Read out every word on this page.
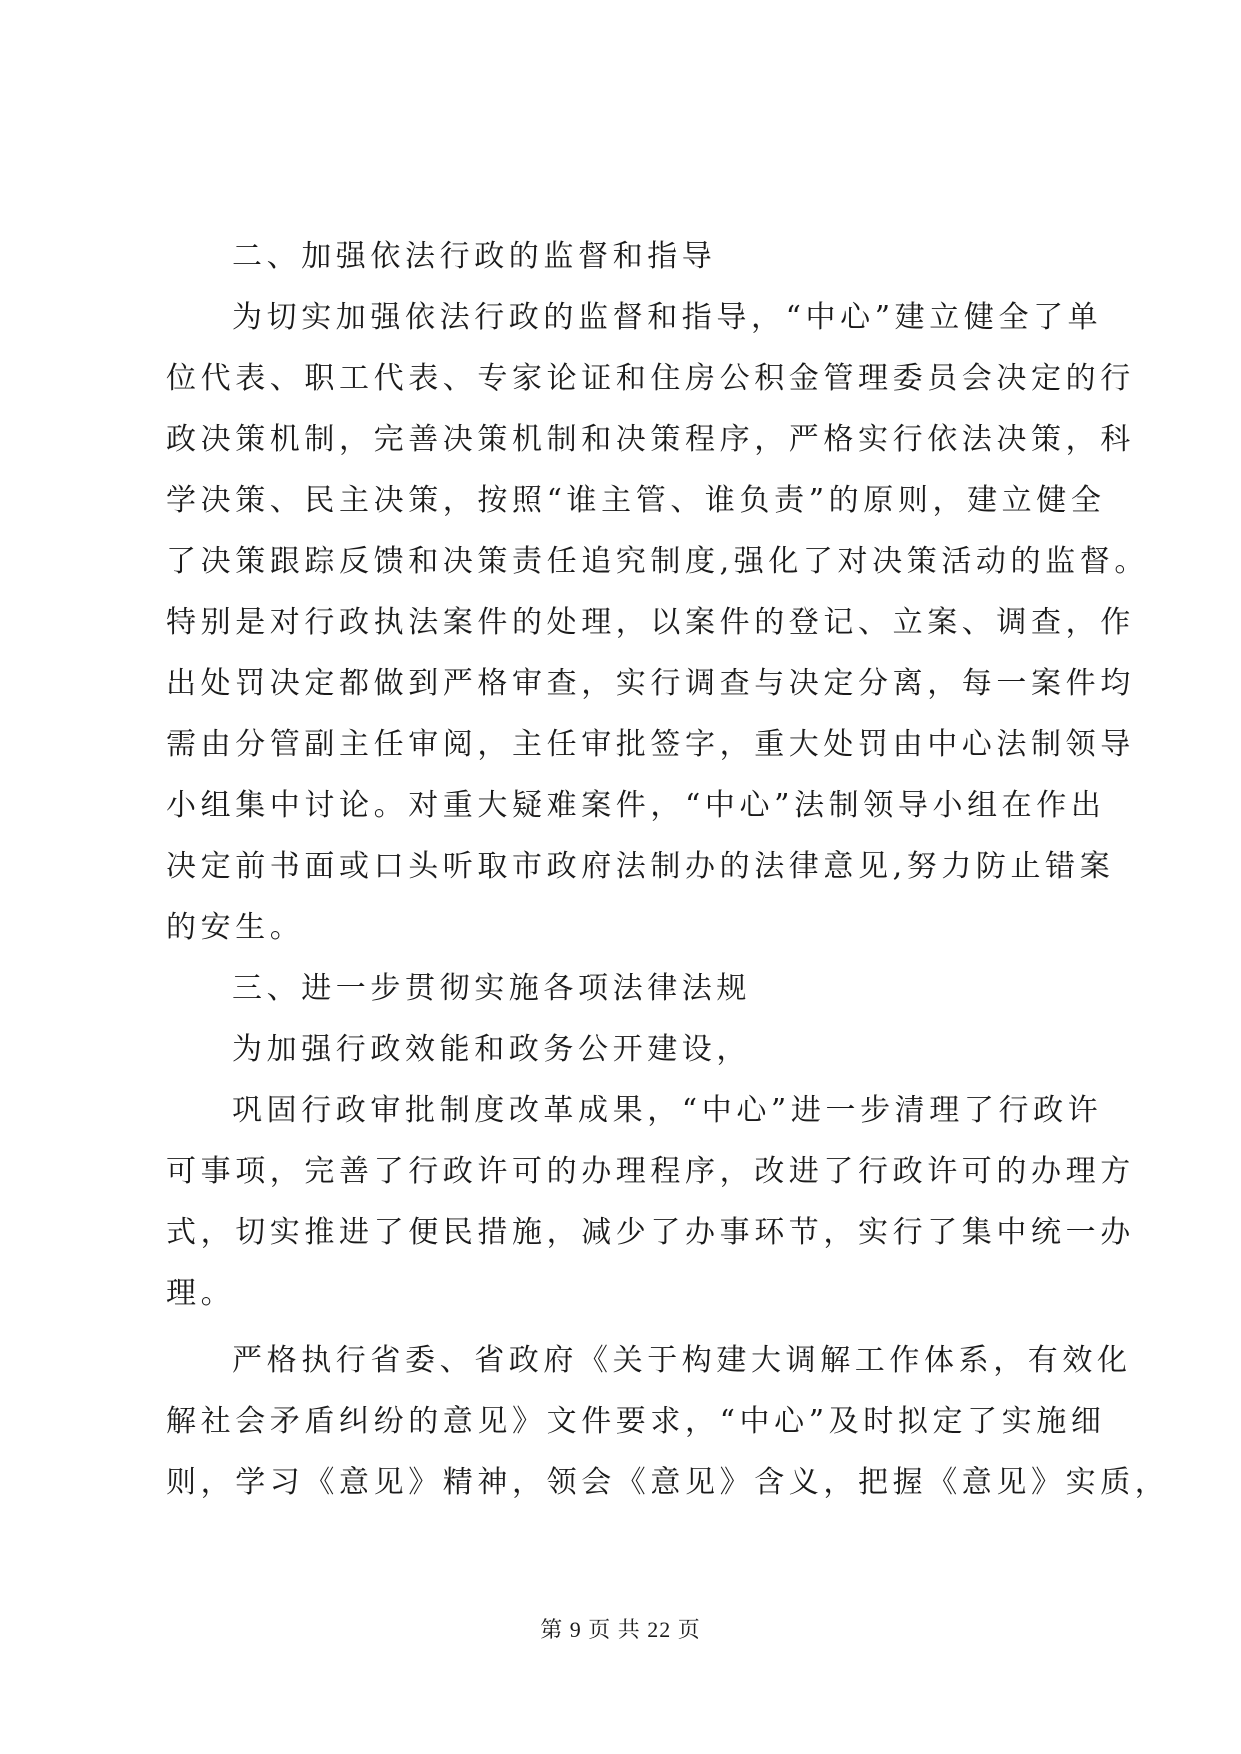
二、加强依法行政的监督和指导

为切实加强依法行政的监督和指导，“中心”建立健全了单

位代表、职工代表、专家论证和住房公积金管理委员会决定的行

政决策机制，完善决策机制和决策程序，严格实行依法决策，科

学决策、民主决策，按照“谁主管、谁负责”的原则，建立健全

了决策跟踪反馈和决策责任追究制度,强化了对决策活动的监督。

特别是对行政执法案件的处理，以案件的登记、立案、调查，作

出处罚决定都做到严格审查，实行调查与决定分离，每一案件均

需由分管副主任审阅，主任审批签字，重大处罚由中心法制领导

小组集中讨论。对重大疑难案件，“中心”法制领导小组在作出

决定前书面或口头听取市政府法制办的法律意见,努力防止错案

的安生。

三、进一步贯彻实施各项法律法规

为加强行政效能和政务公开建设，

巩固行政审批制度改革成果，“中心”进一步清理了行政许

可事项，完善了行政许可的办理程序，改进了行政许可的办理方

式，切实推进了便民措施，减少了办事环节，实行了集中统一办

理。

严格执行省委、省政府《关于构建大调解工作体系，有效化

解社会矛盾纠纷的意见》文件要求，“中心”及时拟定了实施细

则，学习《意见》精神，领会《意见》含义，把握《意见》实质，

第 9 页 共 22 页
